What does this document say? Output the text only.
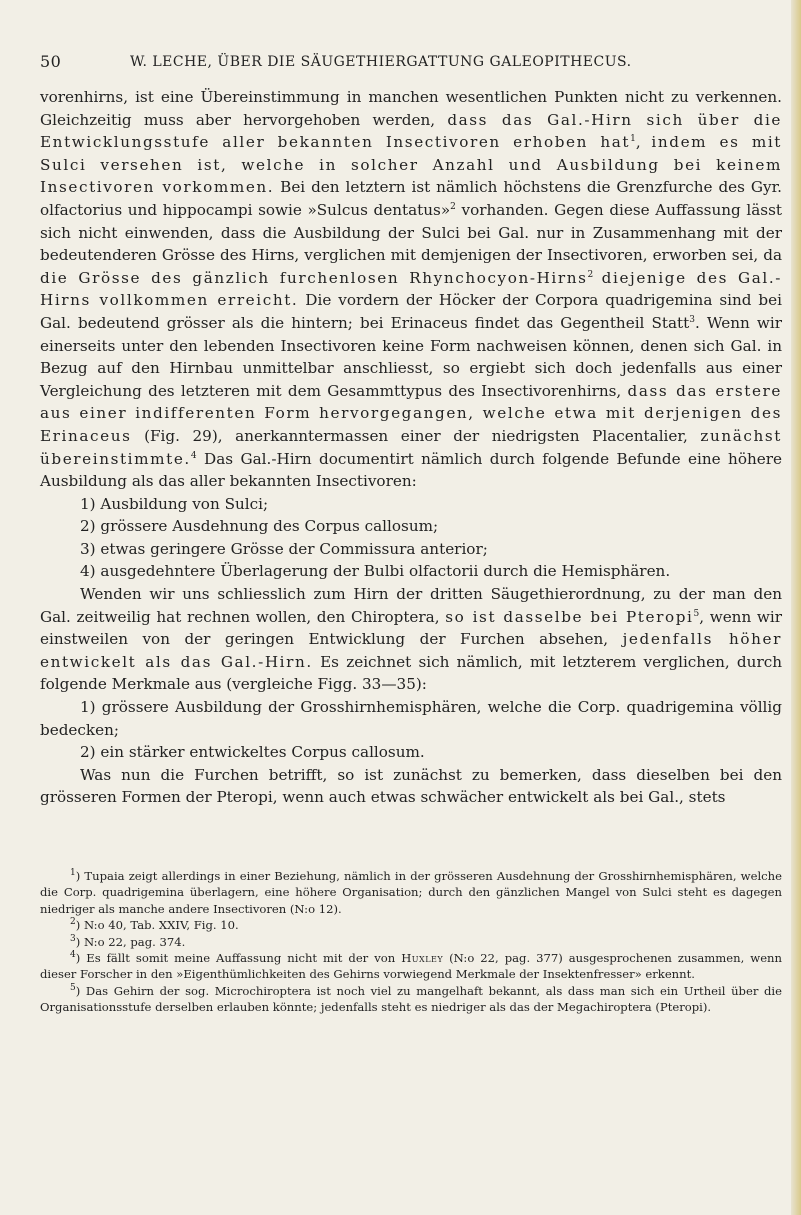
50	W. LECHE, ÜBER DIE SÄUGETHIERGATTUNG GALEOPITHECUS.

vorenhirns, ist eine Übereinstimmung in manchen wesentlichen Punkten nicht zu verkennen. Gleichzeitig muss aber hervorgehoben werden, dass das Gal.-Hirn sich über die Entwicklungsstufe aller bekannten Insectivoren erhoben hat$^1$, indem es mit Sulci versehen ist, welche in solcher Anzahl und Ausbildung bei keinem Insectivoren vorkommen. Bei den letztern ist nämlich höchstens die Grenzfurche des Gyr. olfactorius und hippocampi sowie »Sulcus dentatus»$^2$ vorhanden. Gegen diese Auffassung lässt sich nicht einwenden, dass die Ausbildung der Sulci bei Gal. nur in Zusammenhang mit der bedeutenderen Grösse des Hirns, verglichen mit demjenigen der Insectivoren, erworben sei, da die Grösse des gänzlich furchenlosen Rhynchocyon-Hirns$^2$ diejenige des Gal.-Hirns vollkommen erreicht. Die vordern der Höcker der Corpora quadrigemina sind bei Gal. bedeutend grösser als die hintern; bei Erinaceus findet das Gegentheil Statt$^3$. Wenn wir einerseits unter den lebenden Insectivoren keine Form nachweisen können, denen sich Gal. in Bezug auf den Hirnbau unmittelbar anschliesst, so ergiebt sich doch jedenfalls aus einer Vergleichung des letzteren mit dem Gesammttypus des Insectivorenhirns, dass das erstere aus einer indifferenten Form hervorgegangen, welche etwa mit derjenigen des Erinaceus (Fig. 29), anerkanntermassen einer der niedrigsten Placentalier, zunächst übereinstimmte.$^4$ Das Gal.-Hirn documentirt nämlich durch folgende Befunde eine höhere Ausbildung als das aller bekannten Insectivoren:

1) Ausbildung von Sulci;

2) grössere Ausdehnung des Corpus callosum;

3) etwas geringere Grösse der Commissura anterior;

4) ausgedehntere Überlagerung der Bulbi olfactorii durch die Hemisphären.

Wenden wir uns schliesslich zum Hirn der dritten Säugethierordnung, zu der man den Gal. zeitweilig hat rechnen wollen, den Chiroptera, so ist dasselbe bei Pteropi$^5$, wenn wir einstweilen von der geringen Entwicklung der Furchen absehen, jedenfalls höher entwickelt als das Gal.-Hirn. Es zeichnet sich nämlich, mit letzterem verglichen, durch folgende Merkmale aus (vergleiche Figg. 33—35):

1) grössere Ausbildung der Grosshirnhemisphären, welche die Corp. quadrigemina völlig bedecken;

2) ein stärker entwickeltes Corpus callosum.

Was nun die Furchen betrifft, so ist zunächst zu bemerken, dass dieselben bei den grösseren Formen der Pteropi, wenn auch etwas schwächer entwickelt als bei Gal., stets

$^1$) Tupaia zeigt allerdings in einer Beziehung, nämlich in der grösseren Ausdehnung der Grosshirnhemisphären, welche die Corp. quadrigemina überlagern, eine höhere Organisation; durch den gänzlichen Mangel von Sulci steht es dagegen niedriger als manche andere Insectivoren (N:o 12).

$^2$) N:o 40, Tab. XXIV, Fig. 10.

$^3$) N:o 22, pag. 374.

$^4$) Es fällt somit meine Auffassung nicht mit der von Huxley (N:o 22, pag. 377) ausgesprochenen zusammen, wenn dieser Forscher in den »Eigenthümlichkeiten des Gehirns vorwiegend Merkmale der Insektenfresser» erkennt.

$^5$) Das Gehirn der sog. Microchiroptera ist noch viel zu mangelhaft bekannt, als dass man sich ein Urtheil über die Organisationsstufe derselben erlauben könnte; jedenfalls steht es niedriger als das der Megachiroptera (Pteropi).
